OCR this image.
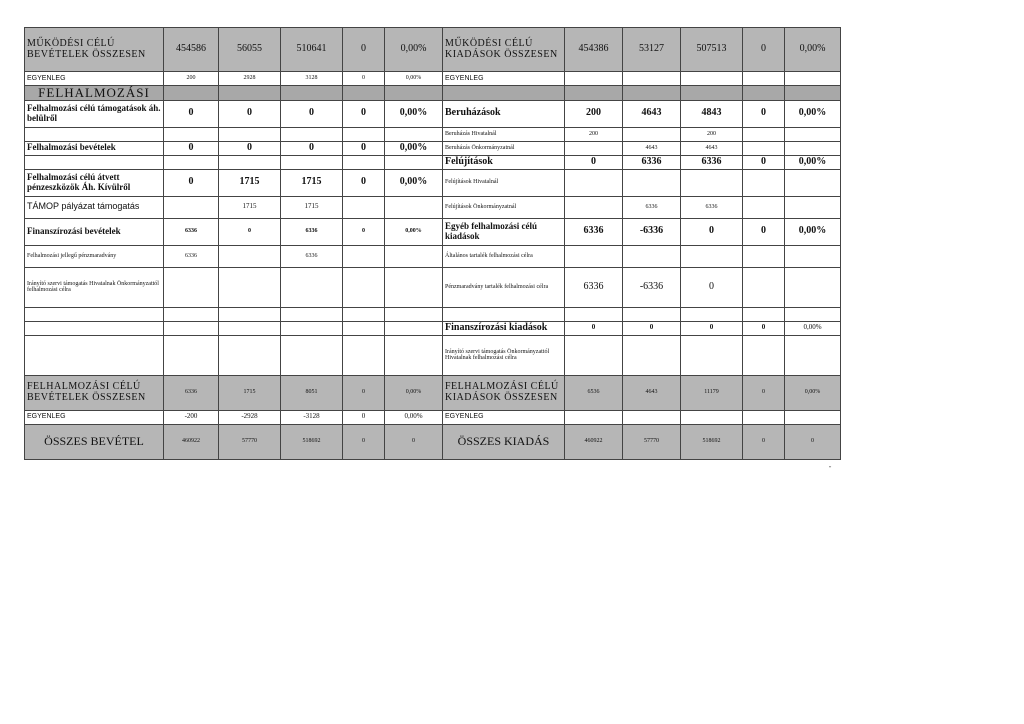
MŰKÖDÉSI CÉLÚ BEVÉTELEK ÖSSZESEN	454586	56055	510641	0	0,00%	MŰKÖDÉSI CÉLÚ KIADÁSOK ÖSSZESEN	454386	53127	507513	0	0,00%
EGYENLEG	200	2928	3128	0	0,00%	EGYENLEG					
FELHALMOZÁSI											
Felhalmozási célú támogatások áh. belülről	0	0	0	0	0,00%	Beruházások	200	4643	4843	0	0,00%
						Beruházás Hivatalnál	200		200		
Felhalmozási bevételek	0	0	0	0	0,00%	Beruházás Önkormányzatnál		4643	4643		
						Felújítások	0	6336	6336	0	0,00%
Felhalmozási célú átvett pénzeszközök Áh. Kívülről	0	1715	1715	0	0,00%	Felújítások Hivatalnál					
TÁMOP pályázat támogatás		1715	1715			Felújítások Önkormányzatnál		6336	6336		
Finanszírozási bevételek	6336	0	6336	0	0,00%	Egyéb felhalmozási célú kiadások	6336	-6336	0	0	0,00%
Felhalmozási jellegű pénzmaradvány	6336		6336			Általános tartalék felhalmozási célra					
Irányító szervi támogatás Hivatalnak Önkormányzattól felhalmozási célra						Pénzmaradvány tartalék felhalmozási célra	6336	-6336	0		

						Finanszírozási kiadások	0	0	0	0	0,00%
						Irányító szervi támogatás Önkormányzattól Hivatalnak felhalmozási célra					
FELHALMOZÁSI CÉLÚ BEVÉTELEK ÖSSZESEN	6336	1715	8051	0	0,00%	FELHALMOZÁSI CÉLÚ KIADÁSOK ÖSSZESEN	6536	4643	11179	0	0,00%
EGYENLEG	-200	-2928	-3128	0	0,00%	EGYENLEG					
ÖSSZES BEVÉTEL	460922	57770	518692	0	0	ÖSSZES KIADÁS	460922	57770	518692	0	0
"
